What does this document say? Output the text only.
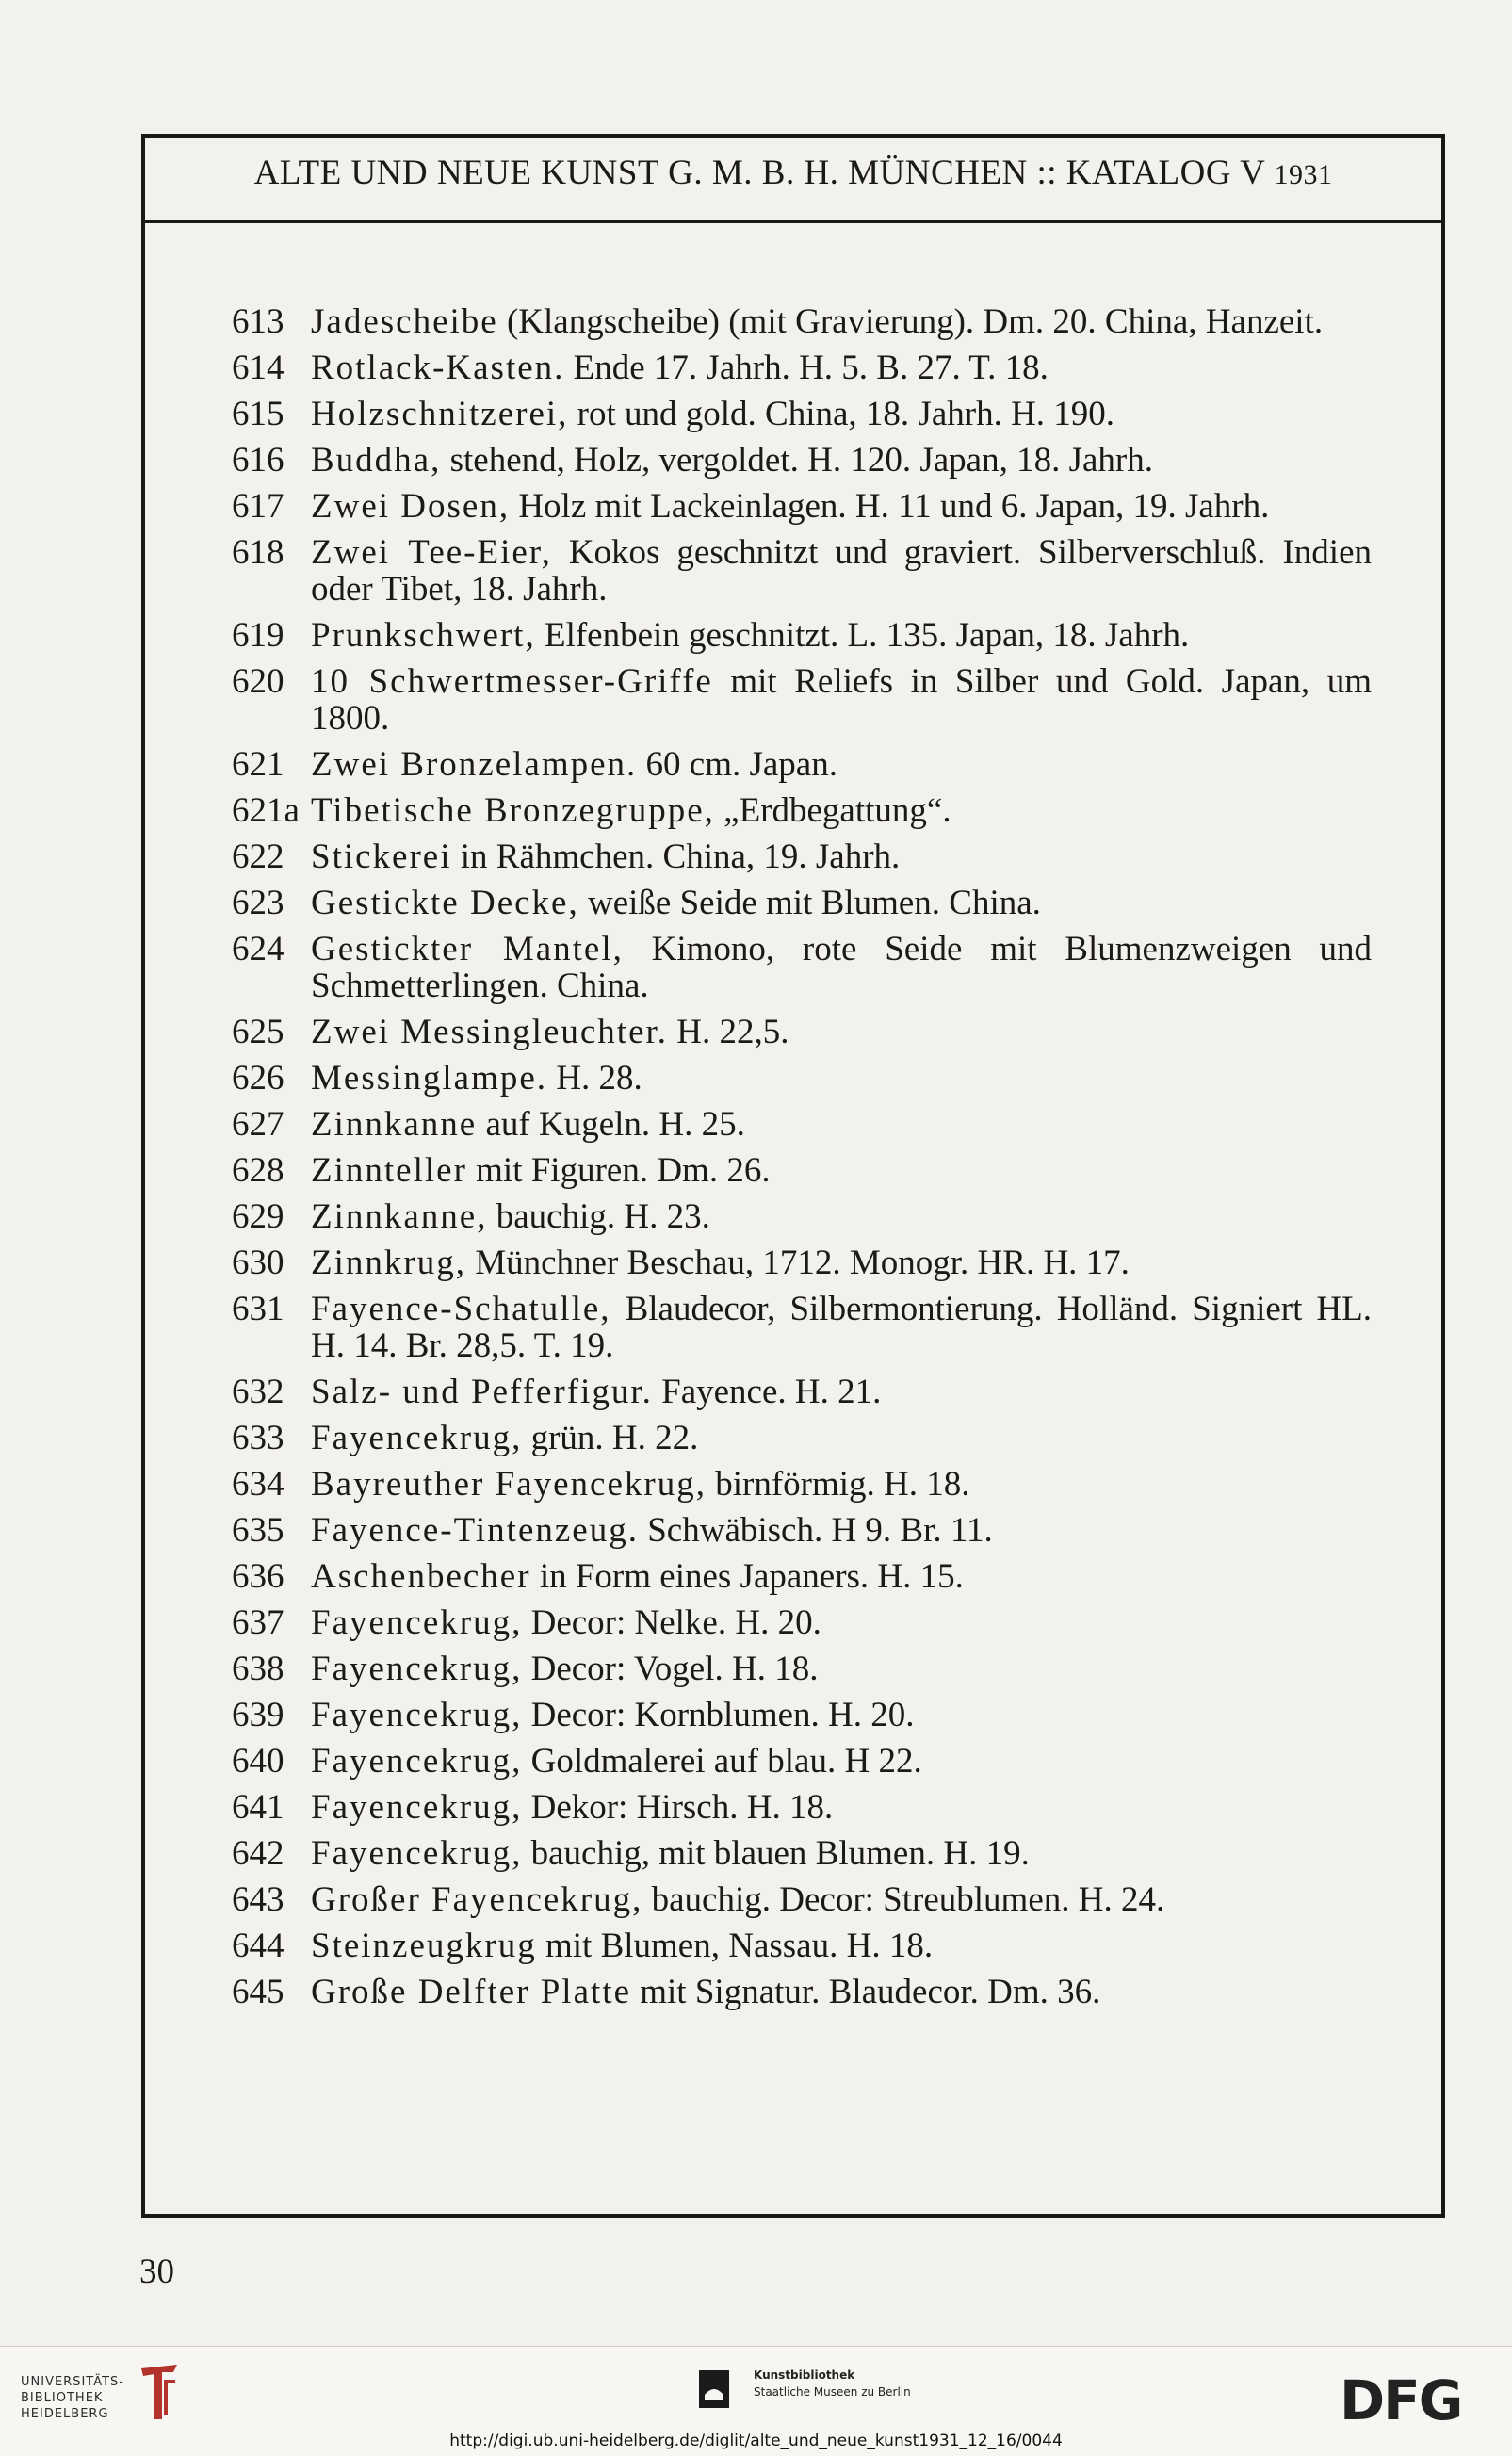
ALTE UND NEUE KUNST G. M. B. H. MÜNCHEN :: KATALOG V 1931
613 Jadescheibe (Klangscheibe) (mit Gravierung). Dm. 20. China, Hanzeit.
614 Rotlack-Kasten. Ende 17. Jahrh. H. 5. B. 27. T. 18.
615 Holzschnitzerei, rot und gold. China, 18. Jahrh. H. 190.
616 Buddha, stehend, Holz, vergoldet. H. 120. Japan, 18. Jahrh.
617 Zwei Dosen, Holz mit Lackeinlagen. H. 11 und 6. Japan, 19. Jahrh.
618 Zwei Tee-Eier, Kokos geschnitzt und graviert. Silberverschluß. Indien oder Tibet, 18. Jahrh.
619 Prunkschwert, Elfenbein geschnitzt. L. 135. Japan, 18. Jahrh.
620 10 Schwertmesser-Griffe mit Reliefs in Silber und Gold. Japan, um 1800.
621 Zwei Bronzelampen. 60 cm. Japan.
621a Tibetische Bronzegruppe, „Erdbegattung“.
622 Stickerei in Rähmchen. China, 19. Jahrh.
623 Gestickte Decke, weiße Seide mit Blumen. China.
624 Gestickter Mantel, Kimono, rote Seide mit Blumenzweigen und Schmetterlingen. China.
625 Zwei Messingleuchter. H. 22,5.
626 Messinglampe. H. 28.
627 Zinnkanne auf Kugeln. H. 25.
628 Zinnteller mit Figuren. Dm. 26.
629 Zinnkanne, bauchig. H. 23.
630 Zinnkrug, Münchner Beschau, 1712. Monogr. HR. H. 17.
631 Fayence-Schatulle, Blaudecor, Silbermontierung. Holländ. Signiert HL. H. 14. Br. 28,5. T. 19.
632 Salz- und Pefferfigur. Fayence. H. 21.
633 Fayencekrug, grün. H. 22.
634 Bayreuther Fayencekrug, birnförmig. H. 18.
635 Fayence-Tintenzeug. Schwäbisch. H 9. Br. 11.
636 Aschenbecher in Form eines Japaners. H. 15.
637 Fayencekrug, Decor: Nelke. H. 20.
638 Fayencekrug, Decor: Vogel. H. 18.
639 Fayencekrug, Decor: Kornblumen. H. 20.
640 Fayencekrug, Goldmalerei auf blau. H 22.
641 Fayencekrug, Dekor: Hirsch. H. 18.
642 Fayencekrug, bauchig, mit blauen Blumen. H. 19.
643 Großer Fayencekrug, bauchig. Decor: Streublumen. H. 24.
644 Steinzeugkrug mit Blumen, Nassau. H. 18.
645 Große Delfter Platte mit Signatur. Blaudecor. Dm. 36.
30
UNIVERSITÄTS-
BIBLIOTHEK
HEIDELBERG
Kunstbibliothek
Staatliche Museen zu Berlin	DFG
http://digi.ub.uni-heidelberg.de/diglit/alte_und_neue_kunst1931_12_16/0044
